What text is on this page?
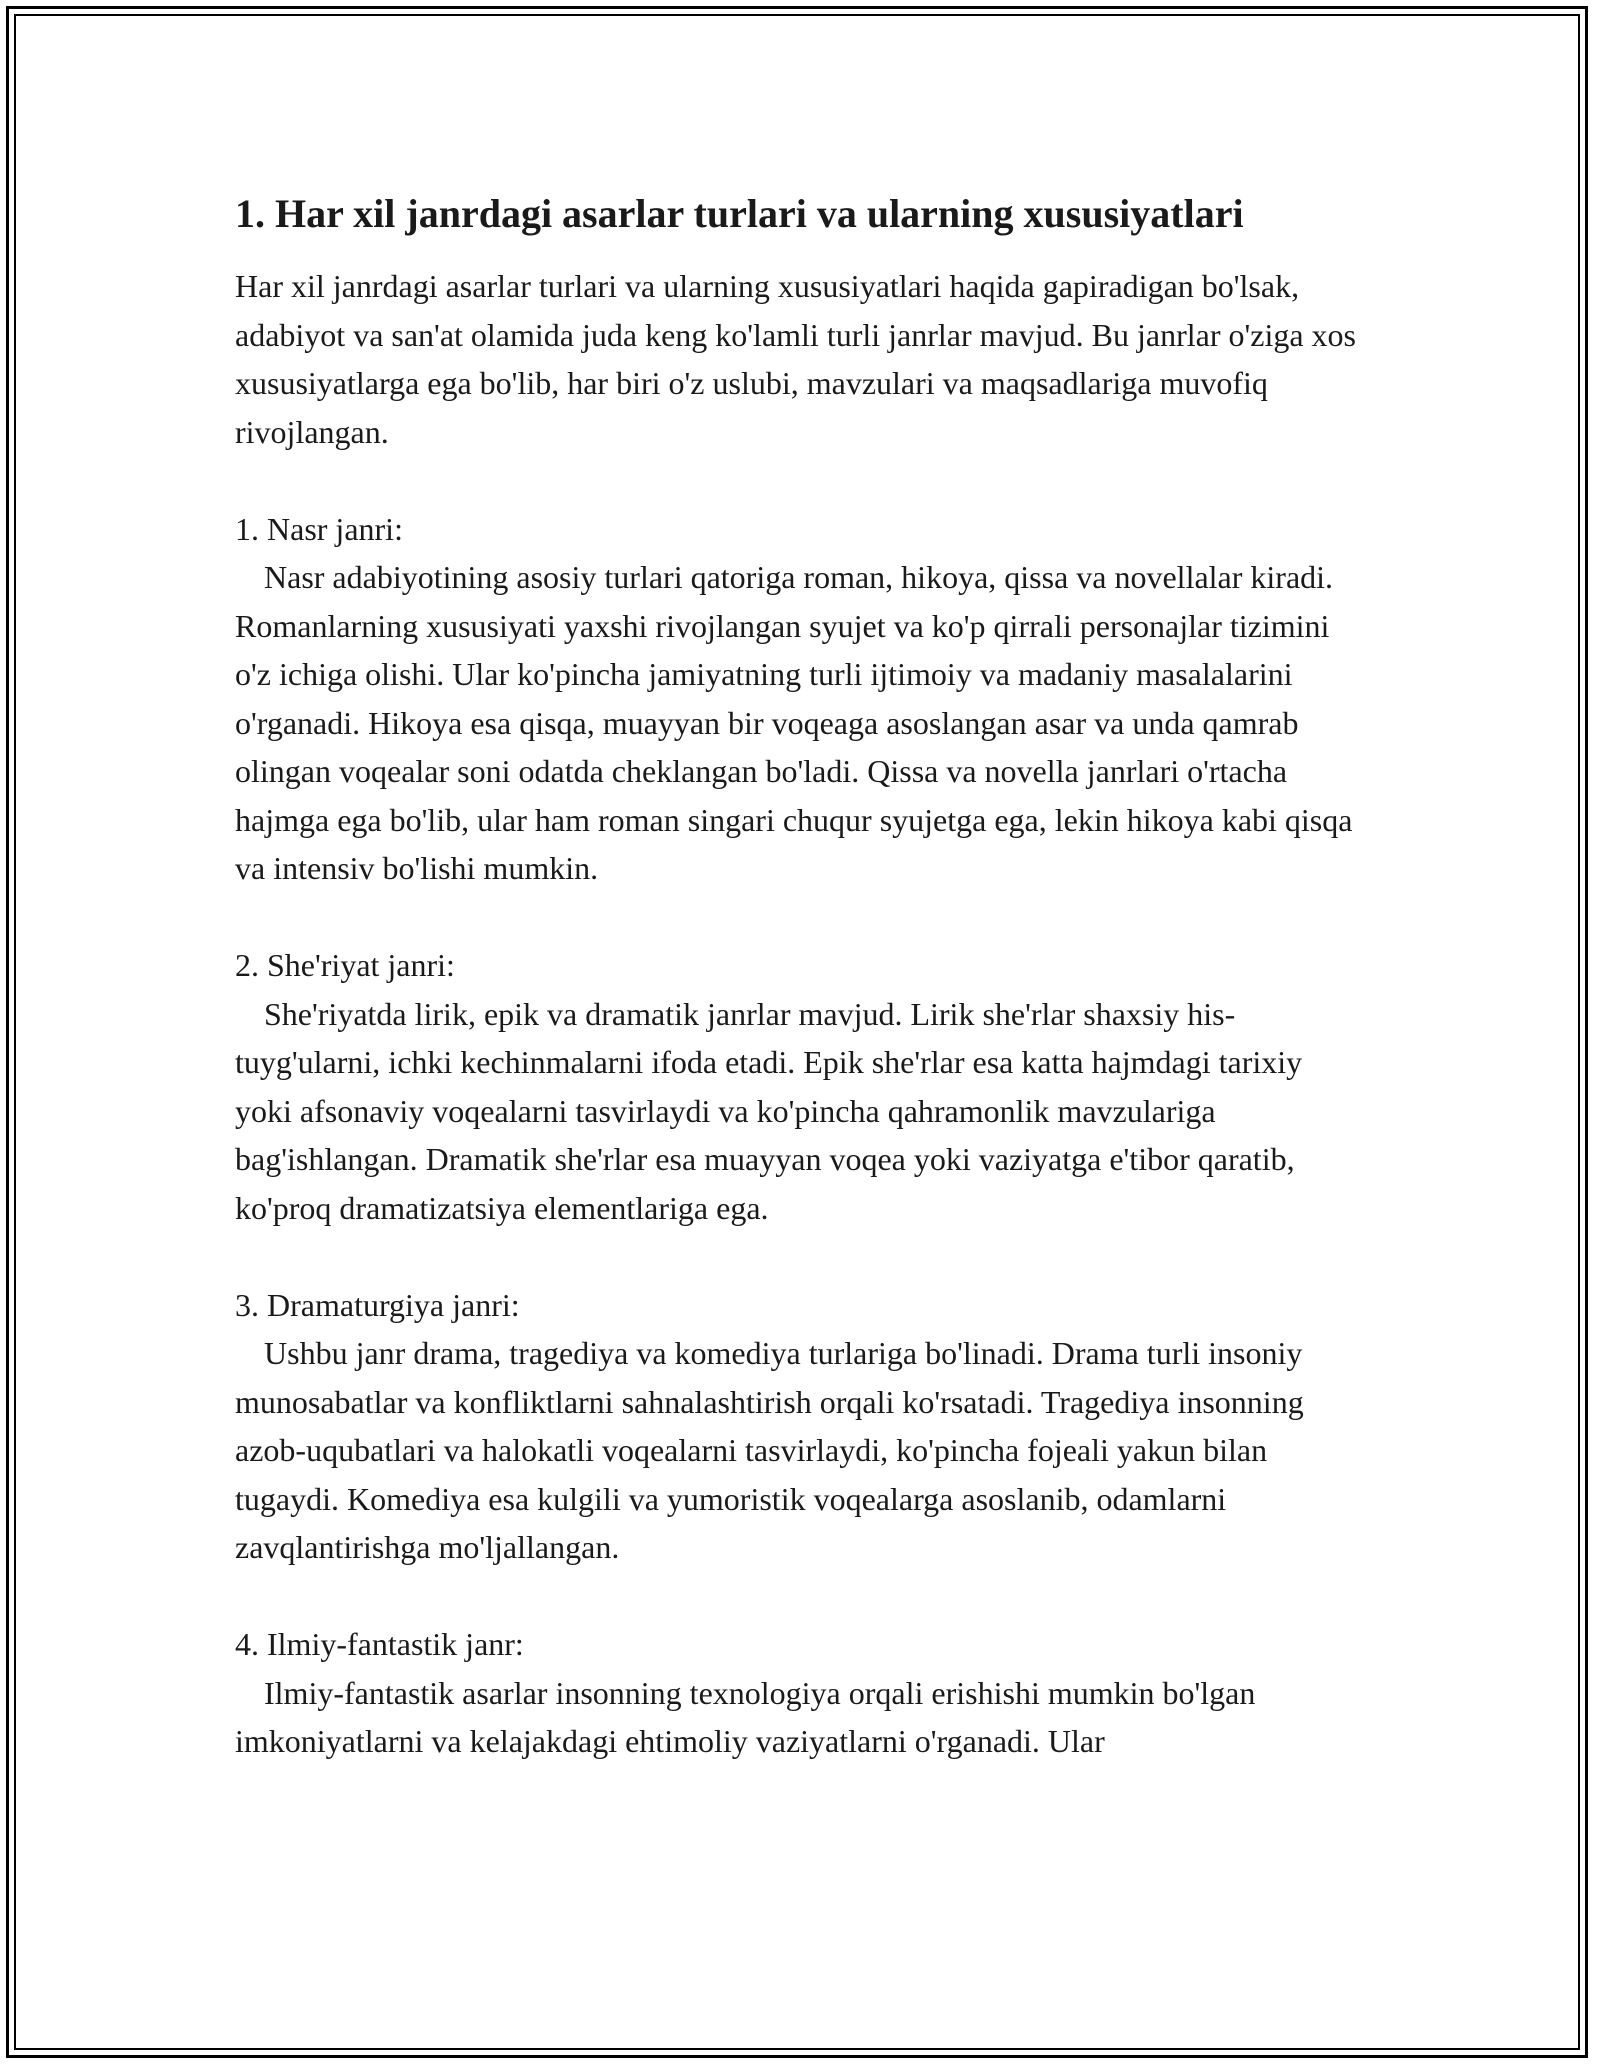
1. Har xil janrdagi asarlar turlari va ularning xususiyatlari

Har xil janrdagi asarlar turlari va ularning xususiyatlari haqida gapiradigan bo'lsak, adabiyot va san'at olamida juda keng ko'lamli turli janrlar mavjud. Bu janrlar o'ziga xos xususiyatlarga ega bo'lib, har biri o'z uslubi, mavzulari va maqsadlariga muvofiq rivojlangan.

1. Nasr janri:

Nasr adabiyotining asosiy turlari qatoriga roman, hikoya, qissa va novellalar kiradi. Romanlarning xususiyati yaxshi rivojlangan syujet va ko'p qirrali personajlar tizimini o'z ichiga olishi. Ular ko'pincha jamiyatning turli ijtimoiy va madaniy masalalarini o'rganadi. Hikoya esa qisqa, muayyan bir voqeaga asoslangan asar va unda qamrab olingan voqealar soni odatda cheklangan bo'ladi. Qissa va novella janrlari o'rtacha hajmga ega bo'lib, ular ham roman singari chuqur syujetga ega, lekin hikoya kabi qisqa va intensiv bo'lishi mumkin.

2. She'riyat janri:

She'riyatda lirik, epik va dramatik janrlar mavjud. Lirik she'rlar shaxsiy his-tuyg'ularni, ichki kechinmalarni ifoda etadi. Epik she'rlar esa katta hajmdagi tarixiy yoki afsonaviy voqealarni tasvirlaydi va ko'pincha qahramonlik mavzulariga bag'ishlangan. Dramatik she'rlar esa muayyan voqea yoki vaziyatga e'tibor qaratib, ko'proq dramatizatsiya elementlariga ega.

3. Dramaturgiya janri:

Ushbu janr drama, tragediya va komediya turlariga bo'linadi. Drama turli insoniy munosabatlar va konfliktlarni sahnalashtirish orqali ko'rsatadi. Tragediya insonning azob-uqubatlari va halokatli voqealarni tasvirlaydi, ko'pincha fojeali yakun bilan tugaydi. Komediya esa kulgili va yumoristik voqealarga asoslanib, odamlarni zavqlantirishga mo'ljallangan.

4. Ilmiy-fantastik janr:

Ilmiy-fantastik asarlar insonning texnologiya orqali erishishi mumkin bo'lgan imkoniyatlarni va kelajakdagi ehtimoliy vaziyatlarni o'rganadi. Ular
